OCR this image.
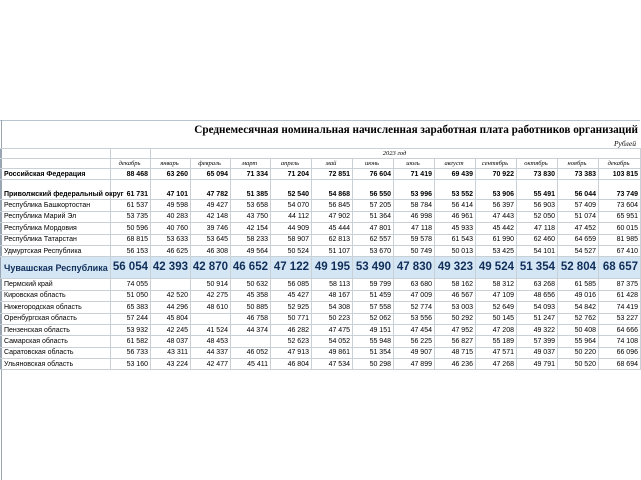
Среднемесячная номинальная начисленная заработная плата работников организаций
Рублей
		2023 год											
	декабрь	январь	февраль	март	апрель	май	июнь	июль	август	сентябрь	октябрь	ноябрь	декабрь
Российская Федерация	88 468	63 260	65 094	71 334	71 204	72 851	76 604	71 419	69 439	70 922	73 830	73 383	103 815
Приволжский федеральный округ	61 731	47 101	47 782	51 385	52 540	54 868	56 550	53 996	53 552	53 906	55 491	56 044	73 749
Республика Башкортостан	61 537	49 598	49 427	53 658	54 070	56 845	57 205	58 784	56 414	56 397	56 903	57 409	73 604
Республика Марий Эл	53 735	40 283	42 148	43 750	44 112	47 902	51 364	46 998	46 961	47 443	52 050	51 074	65 951
Республика Мордовия	50 596	40 760	39 746	42 154	44 909	45 444	47 801	47 118	45 933	45 442	47 118	47 452	60 015
Республика Татарстан	68 815	53 633	53 645	58 233	58 907	62 813	62 557	59 578	61 543	61 990	62 460	64 659	81 985
Удмуртская Республика	56 153	46 625	46 308	49 564	50 524	51 107	53 670	50 749	50 013	53 425	54 101	54 527	67 410
Чувашская Республика	56 054	42 393	42 870	46 652	47 122	49 195	53 490	47 830	49 323	49 524	51 354	52 804	68 657
Пермский край	74 055		50 914	50 632	56 085	58 113	59 799	63 680	58 162	58 312	63 268	61 585	87 375
Кировская область	51 050	42 520	42 275	45 358	45 427	48 167	51 459	47 009	46 567	47 109	48 656	49 016	61 428
Нижегородская область	65 383	44 296	48 610	50 885	52 925	54 308	57 558	52 774	53 003	52 649	54 093	54 842	74 419
Оренбургская область	57 244	45 804		46 758	50 771	50 223	52 062	53 556	50 292	50 145	51 247	52 762	53 227
Пензенская область	53 932	42 245	41 524	44 374	46 282	47 475	49 151	47 454	47 952	47 208	49 322	50 408	64 666
Самарская область	61 582	48 037	48 453		52 623	54 052	55 948	56 225	56 827	55 189	57 399	55 964	74 108
Саратовская область	56 733	43 311	44 337	46 052	47 913	49 861	51 354	49 907	48 715	47 571	49 037	50 220	66 096
Ульяновская область	53 160	43 224	42 477	45 411	46 804	47 534	50 298	47 899	46 236	47 268	49 791	50 520	68 694
